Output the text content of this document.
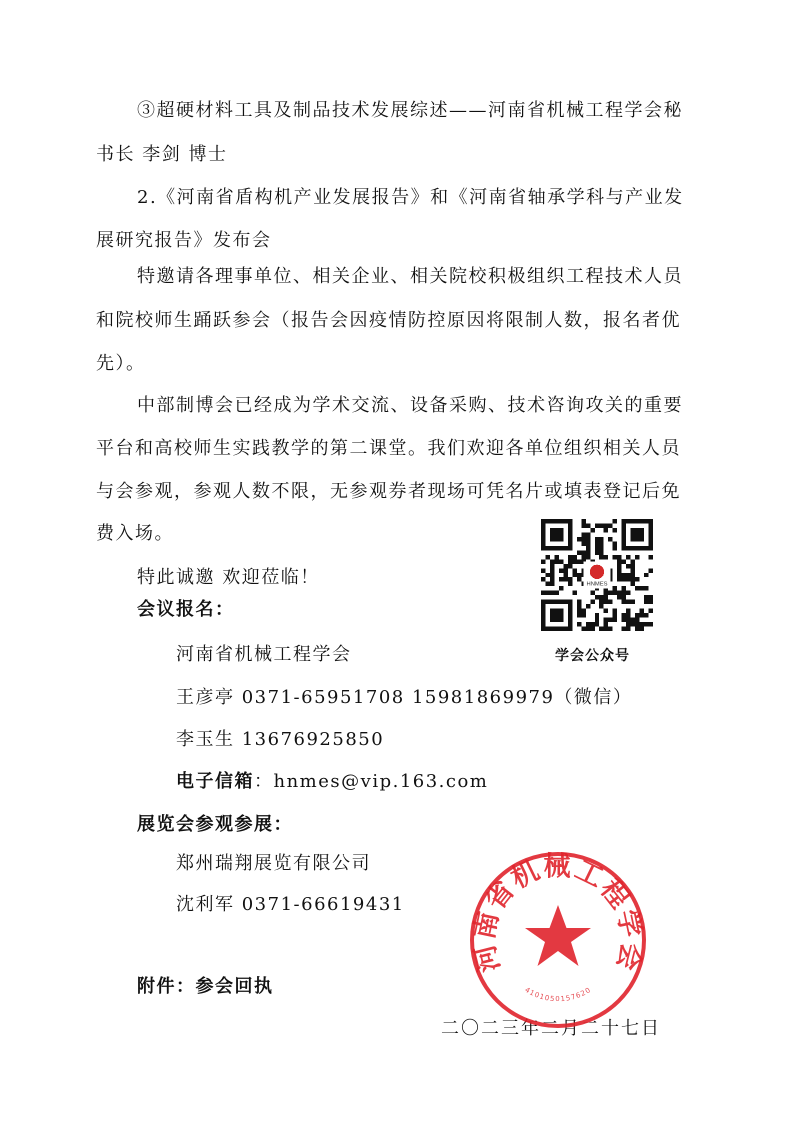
③超硬材料工具及制品技术发展综述——河南省机械工程学会秘
书长 李剑 博士
2.《河南省盾构机产业发展报告》和《河南省轴承学科与产业发
展研究报告》发布会
特邀请各理事单位、相关企业、相关院校积极组织工程技术人员
和院校师生踊跃参会（报告会因疫情防控原因将限制人数，报名者优
先）。
中部制博会已经成为学术交流、设备采购、技术咨询攻关的重要
平台和高校师生实践教学的第二课堂。我们欢迎各单位组织相关人员
与会参观，参观人数不限，无参观券者现场可凭名片或填表登记后免
费入场。
特此诚邀 欢迎莅临！
会议报名：
河南省机械工程学会
王彦亭 0371-65951708 15981869979（微信）
李玉生 13676925850
电子信箱：hnmes@vip.163.com
展览会参观参展：
郑州瑞翔展览有限公司
沈利军 0371-66619431
附件：参会回执
HNMES
学会公众号
二〇二三年二月二十七日
河南省机械工程学会
4101050157620
